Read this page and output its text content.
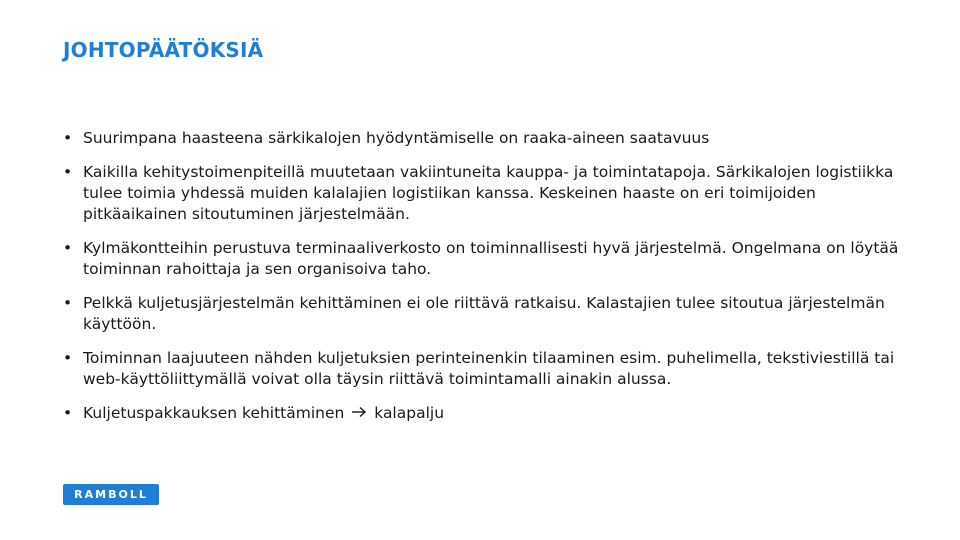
JOHTOPÄÄTÖKSIÄ
• Suurimpana haasteena särkikalojen hyödyntämiselle on raaka-aineen saatavuus
• Kaikilla kehitystoimenpiteillä muutetaan vakiintuneita kauppa- ja toimintatapoja. Särkikalojen logistiikka tulee toimia yhdessä muiden kalalajien logistiikan kanssa. Keskeinen haaste on eri toimijoiden pitkäaikainen sitoutuminen järjestelmään.
• Kylmäkontteihin perustuva terminaaliverkosto on toiminnallisesti hyvä järjestelmä. Ongelmana on löytää toiminnan rahoittaja ja sen organisoiva taho.
• Pelkkä kuljetusjärjestelmän kehittäminen ei ole riittävä ratkaisu. Kalastajien tulee sitoutua järjestelmän käyttöön.
• Toiminnan laajuuteen nähden kuljetuksien perinteinenkin tilaaminen esim. puhelimella, tekstiviestillä tai web-käyttöliittymällä voivat olla täysin riittävä toimintamalli ainakin alussa.
• Kuljetuspakkauksen kehittäminen kalapalju
RAMBOLL
